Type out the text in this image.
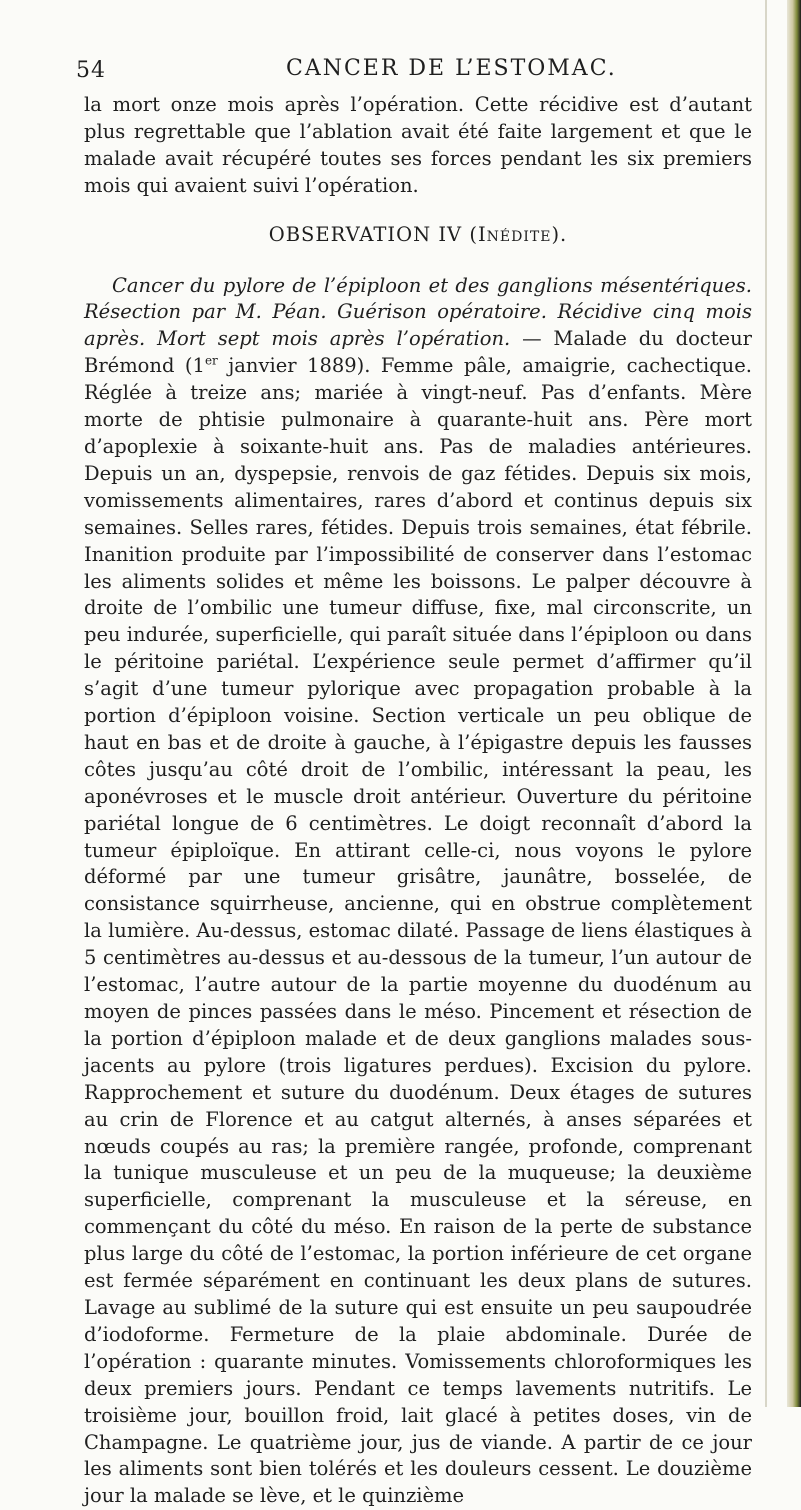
54	CANCER DE L’ESTOMAC.

la mort onze mois après l’opération. Cette récidive est d’autant plus regrettable que l’ablation avait été faite largement et que le malade avait récupéré toutes ses forces pendant les six premiers mois qui avaient suivi l’opération.

OBSERVATION IV (Inédite).

Cancer du pylore de l’épiploon et des ganglions mésentériques. Résection par M. Péan. Guérison opératoire. Récidive cinq mois après. Mort sept mois après l’opération. — Malade du docteur Brémond (1er janvier 1889). Femme pâle, amaigrie, cachectique. Réglée à treize ans; mariée à vingt-neuf. Pas d’enfants. Mère morte de phtisie pulmonaire à quarante-huit ans. Père mort d’apoplexie à soixante-huit ans. Pas de maladies antérieures. Depuis un an, dyspepsie, renvois de gaz fétides. Depuis six mois, vomissements alimentaires, rares d’abord et continus depuis six semaines. Selles rares, fétides. Depuis trois semaines, état fébrile. Inanition produite par l’impossibilité de conserver dans l’estomac les aliments solides et même les boissons. Le palper découvre à droite de l’ombilic une tumeur diffuse, fixe, mal circonscrite, un peu indurée, superficielle, qui paraît située dans l’épiploon ou dans le péritoine pariétal. L’expérience seule permet d’affirmer qu’il s’agit d’une tumeur pylorique avec propagation probable à la portion d’épiploon voisine. Section verticale un peu oblique de haut en bas et de droite à gauche, à l’épigastre depuis les fausses côtes jusqu’au côté droit de l’ombilic, intéressant la peau, les aponévroses et le muscle droit antérieur. Ouverture du péritoine pariétal longue de 6 centimètres. Le doigt reconnaît d’abord la tumeur épiploïque. En attirant celle-ci, nous voyons le pylore déformé par une tumeur grisâtre, jaunâtre, bosselée, de consistance squirrheuse, ancienne, qui en obstrue complètement la lumière. Au-dessus, estomac dilaté. Passage de liens élastiques à 5 centimètres au-dessus et au-dessous de la tumeur, l’un autour de l’estomac, l’autre autour de la partie moyenne du duodénum au moyen de pinces passées dans le méso. Pincement et résection de la portion d’épiploon malade et de deux ganglions malades sous-jacents au pylore (trois ligatures perdues). Excision du pylore. Rapprochement et suture du duodénum. Deux étages de sutures au crin de Florence et au catgut alternés, à anses séparées et nœuds coupés au ras; la première rangée, profonde, comprenant la tunique musculeuse et un peu de la muqueuse; la deuxième superficielle, comprenant la musculeuse et la séreuse, en commençant du côté du méso. En raison de la perte de substance plus large du côté de l’estomac, la portion inférieure de cet organe est fermée séparément en continuant les deux plans de sutures. Lavage au sublimé de la suture qui est ensuite un peu saupoudrée d’iodoforme. Fermeture de la plaie abdominale. Durée de l’opération : quarante minutes. Vomissements chloroformiques les deux premiers jours. Pendant ce temps lavements nutritifs. Le troisième jour, bouillon froid, lait glacé à petites doses, vin de Champagne. Le quatrième jour, jus de viande. A partir de ce jour les aliments sont bien tolérés et les douleurs cessent. Le douzième jour la malade se lève, et le quinzième
